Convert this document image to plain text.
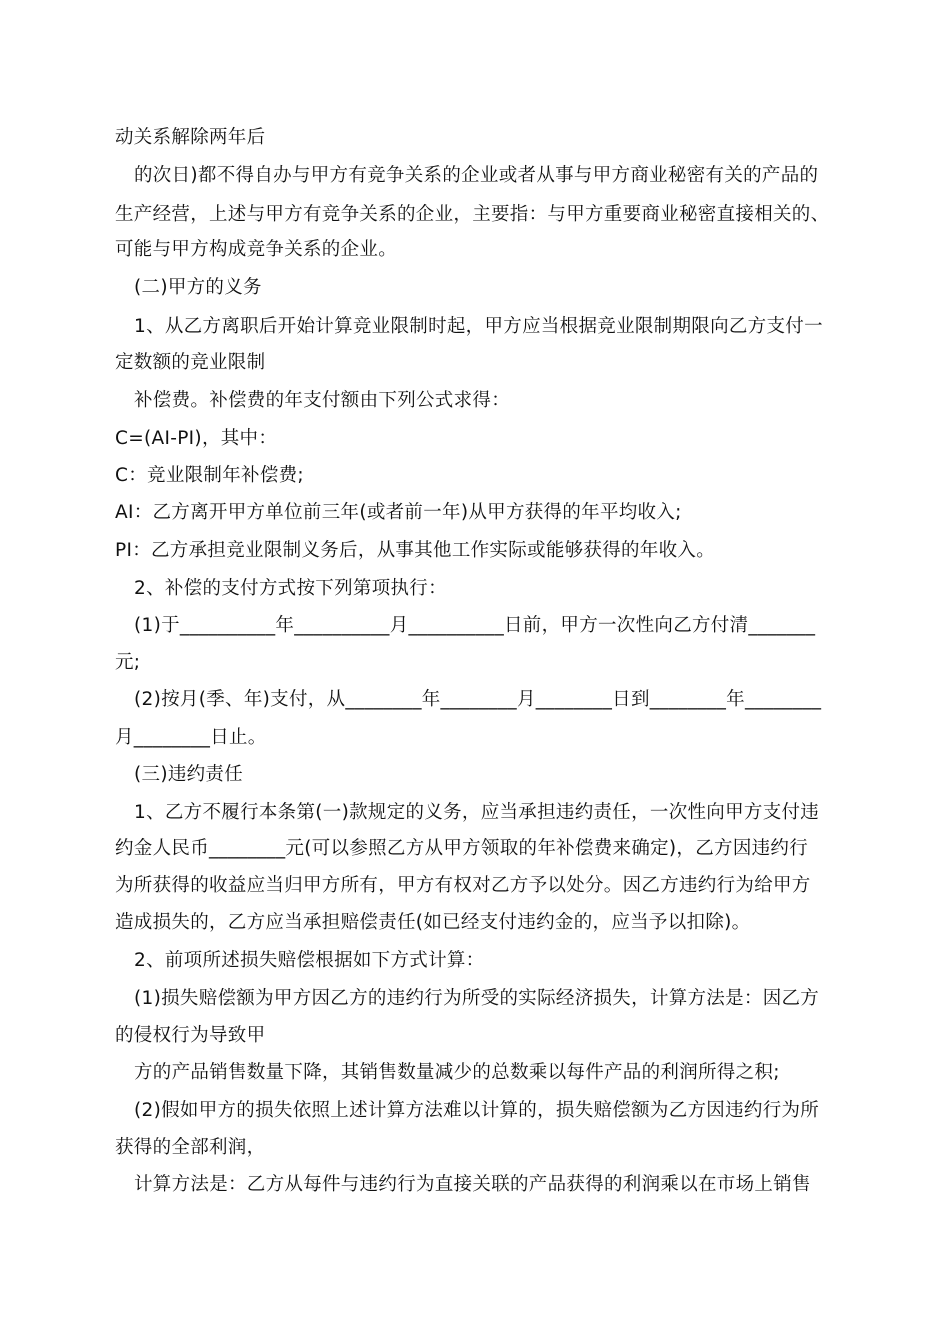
动关系解除两年后
的次日)都不得自办与甲方有竞争关系的企业或者从事与甲方商业秘密有关的产品的
生产经营，上述与甲方有竞争关系的企业，主要指：与甲方重要商业秘密直接相关的、
可能与甲方构成竞争关系的企业。
(二)甲方的义务
1、从乙方离职后开始计算竞业限制时起，甲方应当根据竞业限制期限向乙方支付一
定数额的竞业限制
补偿费。补偿费的年支付额由下列公式求得：
C=(AI-PI)，其中：
C：竞业限制年补偿费;
AI：乙方离开甲方单位前三年(或者前一年)从甲方获得的年平均收入;
PI：乙方承担竞业限制义务后，从事其他工作实际或能够获得的年收入。
2、补偿的支付方式按下列第项执行：
(1)于__________年__________月__________日前，甲方一次性向乙方付清_______
元;
(2)按月(季、年)支付，从________年________月________日到________年________
月________日止。
(三)违约责任
1、乙方不履行本条第(一)款规定的义务，应当承担违约责任，一次性向甲方支付违
约金人民币________元(可以参照乙方从甲方领取的年补偿费来确定)，乙方因违约行
为所获得的收益应当归甲方所有，甲方有权对乙方予以处分。因乙方违约行为给甲方
造成损失的，乙方应当承担赔偿责任(如已经支付违约金的，应当予以扣除)。
2、前项所述损失赔偿根据如下方式计算：
(1)损失赔偿额为甲方因乙方的违约行为所受的实际经济损失，计算方法是：因乙方
的侵权行为导致甲
方的产品销售数量下降，其销售数量减少的总数乘以每件产品的利润所得之积;
(2)假如甲方的损失依照上述计算方法难以计算的，损失赔偿额为乙方因违约行为所
获得的全部利润，
计算方法是：乙方从每件与违约行为直接关联的产品获得的利润乘以在市场上销售
